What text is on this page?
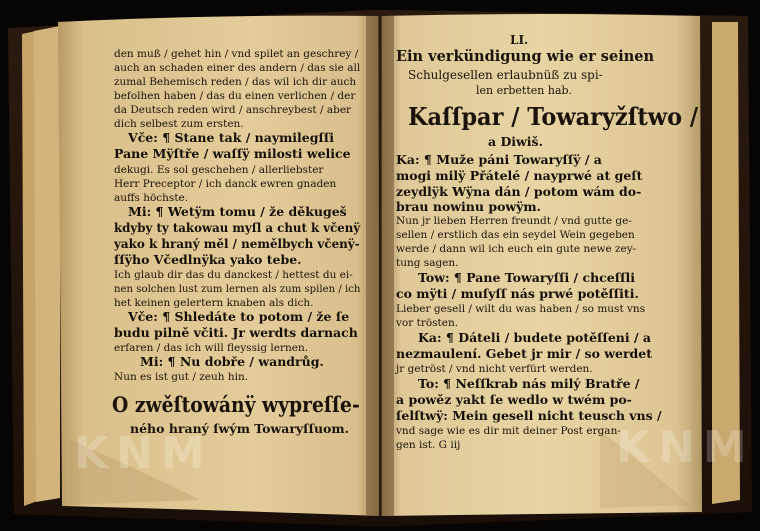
den muß / gehet hin / vnd spilet an geschrey /
auch an schaden einer des andern / das sie all
zumal Behemisch reden / das wil ich dir auch
befolhen haben / das du einen verlichen / der
da Deutsch reden wird / anschreybest / aber
dich selbest zum ersten.
Vče: ¶ Stane tak / naymilegſſi
Pane Mÿſtře / waſſÿ milosti welice
dekugi. Es sol geschehen / allerliebster
Herr Preceptor / ich danck ewren gnaden
auffs höchste.
Mi: ¶ Wetÿm tomu / že děkugeš
kdyby ty takowau myſl a chut k včenÿ
yako k hraný měl / nemělbych včenÿ-
ſſÿho Včedlnÿka yako tebe.
Ich glaub dir das du danckest / hettest du ei-
nen solchen lust zum lernen als zum spilen / ich
het keinen gelertern knaben als dich.
Vče: ¶ Shledáte to potom / že ſe
budu pilně včiti. Jr werdts darnach
erfaren / das ich will fleyssig lernen.
Mi: ¶ Nu dobře / wandrůg.
Nun es ist gut / zeuh hin.
O zwěſtowánÿ wypreſſe-
ného hraný ſwým Towaryſſuom.
KNM
LI.
Ein verkündigung wie er seinen
Schulgesellen erlaubnüß zu spi-
len erbetten hab.
Kaſſpar / Towaryžſtwo /
a Diwiš.
Ka: ¶ Muže páni Towaryſſÿ / a
mogi milÿ Přátelé / nayprwé at geſt
zeydlÿk Wÿna dán / potom wám do-
brau nowinu powÿm.
Nun jr lieben Herren freundt / vnd gutte ge-
sellen / erstlich das ein seydel Wein gegeben
werde / dann wil ich euch ein gute newe zey-
tung sagen.
Tow: ¶ Pane Towaryſſi / chceſſli
co mÿti / muſyſſ nás prwé potěſſiti.
Lieber gesell / wilt du was haben / so must vns
vor trösten.
Ka: ¶ Dáteli / budete potěſſeni / a
nezmaulení. Gebet jr mir / so werdet
jr getröst / vnd nicht verfürt werden.
To: ¶ Neſſkrab nás milý Bratře /
a powěz yakt ſe wedlo w twém po-
ſelſtwÿ: Mein gesell nicht teusch vns /
vnd sage wie es dir mit deiner Post ergan-
gen ist. G iij	KNM
